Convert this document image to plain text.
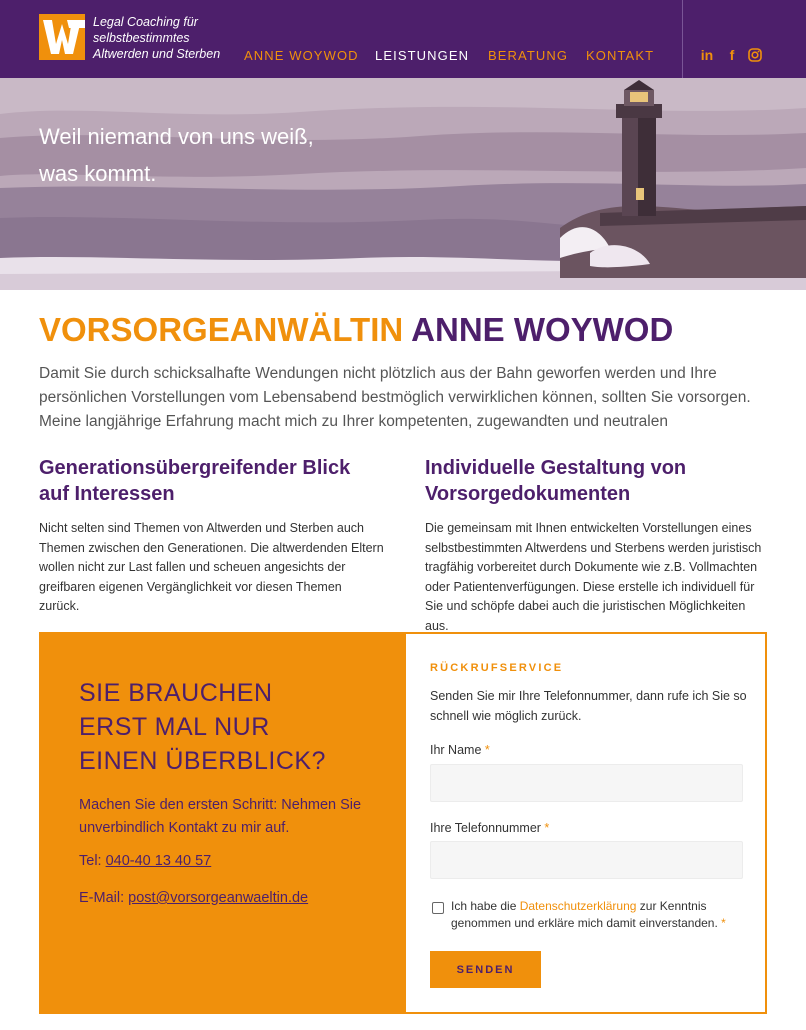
Legal Coaching für
selbstbestimmtes
Altwerden und Sterben	ANNE WOYWOD LEISTUNGEN BERATUNG KONTAKT	in	f
Weil niemand von uns weiß,
was kommt.
VORSORGEANWÄLTIN ANNE WOYWOD

Damit Sie durch schicksalhafte Wendungen nicht plötzlich aus der Bahn geworfen werden und Ihre persönlichen Vorstellungen vom Lebensabend bestmöglich verwirklichen können, sollten Sie vorsorgen. Meine langjährige Erfahrung macht mich zu Ihrer kompetenten, zugewandten und neutralen

Generationsübergreifender Blick auf Interessen

Nicht selten sind Themen von Altwerden und Sterben auch Themen zwischen den Generationen. Die altwerdenden Eltern wollen nicht zur Last fallen und scheuen angesichts der greifbaren eigenen Vergänglichkeit vor diesen Themen zurück.

Individuelle Gestaltung von Vorsorgedokumenten

Die gemeinsam mit Ihnen entwickelten Vorstellungen eines selbstbestimmten Altwerdens und Sterbens werden juristisch tragfähig vorbereitet durch Dokumente wie z.B. Vollmachten oder Patientenverfügungen. Diese erstelle ich individuell für Sie und schöpfe dabei auch die juristischen Möglichkeiten aus.

SIE BRAUCHEN
ERST MAL NUR
EINEN ÜBERBLICK?

Machen Sie den ersten Schritt: Nehmen Sie unverbindlich Kontakt zu mir auf.

Tel: 040-40 13 40 57
E-Mail: post@vorsorgeanwaeltin.de
RÜCKRUFSERVICE

Senden Sie mir Ihre Telefonnummer, dann rufe ich Sie so schnell wie möglich zurück.

Ihr Name *
Ihre Telefonnummer *
Ich habe die Datenschutzerklärung zur Kenntnis genommen und erkläre mich damit einverstanden. *
SENDEN
